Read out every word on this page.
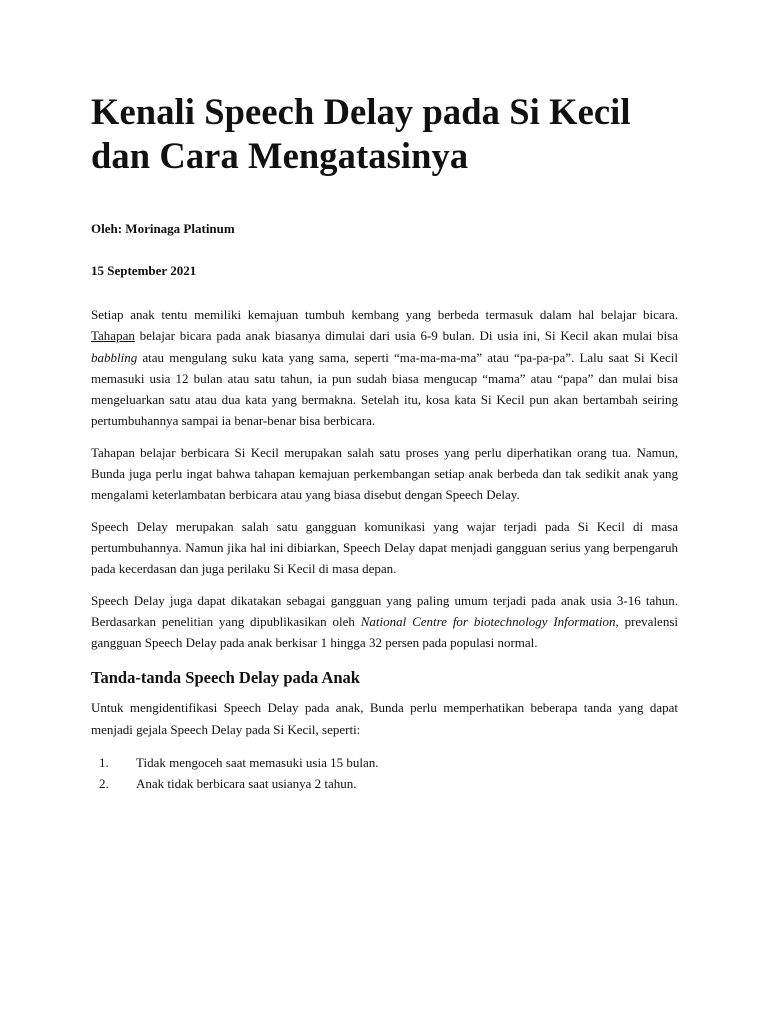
Kenali Speech Delay pada Si Kecil dan Cara Mengatasinya
Oleh: Morinaga Platinum
15 September 2021

Setiap anak tentu memiliki kemajuan tumbuh kembang yang berbeda termasuk dalam hal belajar bicara. Tahapan belajar bicara pada anak biasanya dimulai dari usia 6-9 bulan. Di usia ini, Si Kecil akan mulai bisa babbling atau mengulang suku kata yang sama, seperti “ma-ma-ma-ma” atau “pa-pa-pa”. Lalu saat Si Kecil memasuki usia 12 bulan atau satu tahun, ia pun sudah biasa mengucap “mama” atau “papa” dan mulai bisa mengeluarkan satu atau dua kata yang bermakna. Setelah itu, kosa kata Si Kecil pun akan bertambah seiring pertumbuhannya sampai ia benar-benar bisa berbicara.

Tahapan belajar berbicara Si Kecil merupakan salah satu proses yang perlu diperhatikan orang tua. Namun, Bunda juga perlu ingat bahwa tahapan kemajuan perkembangan setiap anak berbeda dan tak sedikit anak yang mengalami keterlambatan berbicara atau yang biasa disebut dengan Speech Delay.

Speech Delay merupakan salah satu gangguan komunikasi yang wajar terjadi pada Si Kecil di masa pertumbuhannya. Namun jika hal ini dibiarkan, Speech Delay dapat menjadi gangguan serius yang berpengaruh pada kecerdasan dan juga perilaku Si Kecil di masa depan.

Speech Delay juga dapat dikatakan sebagai gangguan yang paling umum terjadi pada anak usia 3-16 tahun. Berdasarkan penelitian yang dipublikasikan oleh National Centre for biotechnology Information, prevalensi gangguan Speech Delay pada anak berkisar 1 hingga 32 persen pada populasi normal.

Tanda-tanda Speech Delay pada Anak

Untuk mengidentifikasi Speech Delay pada anak, Bunda perlu memperhatikan beberapa tanda yang dapat menjadi gejala Speech Delay pada Si Kecil, seperti:

1.	Tidak mengoceh saat memasuki usia 15 bulan.
2.	Anak tidak berbicara saat usianya 2 tahun.
